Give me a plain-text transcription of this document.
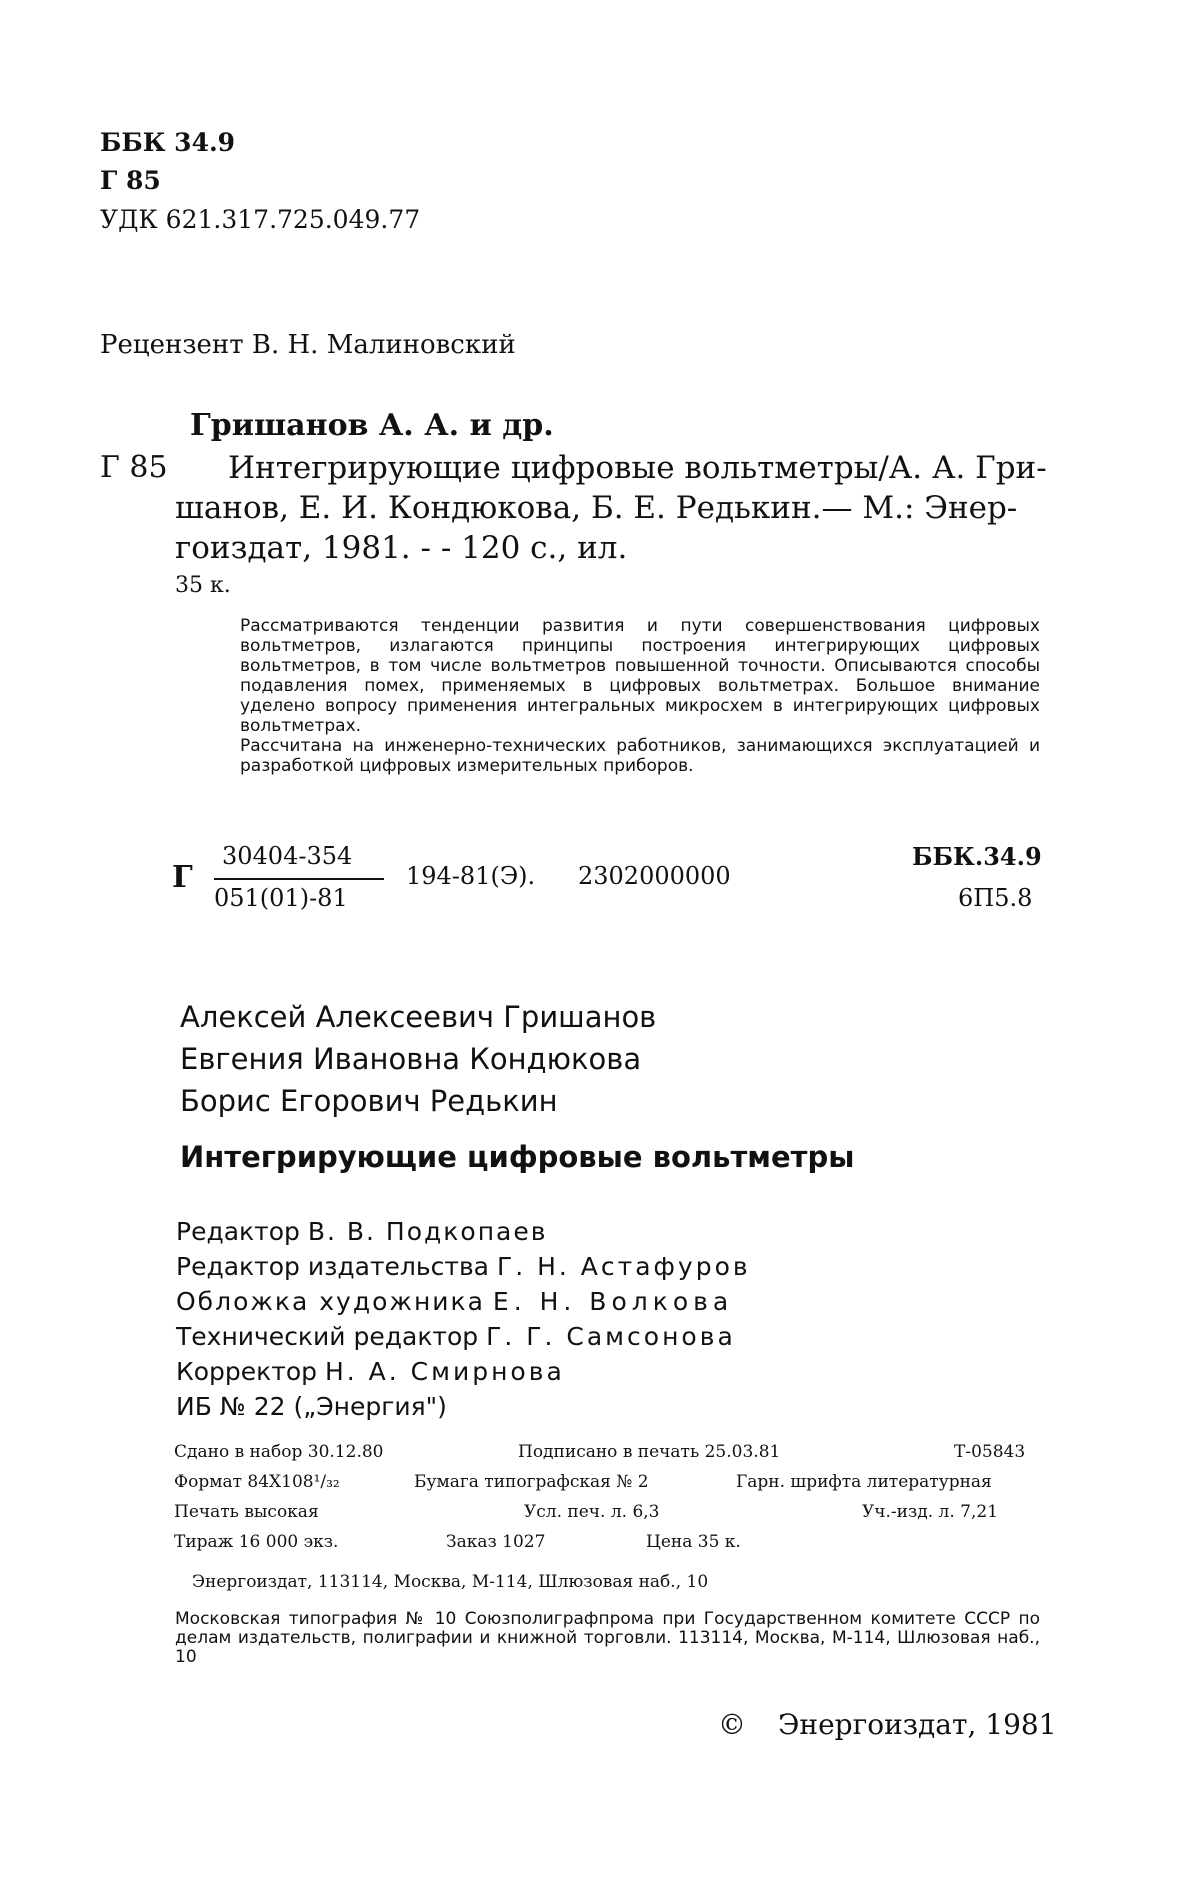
ББК 34.9
Г 85
УДК 621.317.725.049.77
Рецензент В. Н. Малиновский
Гришанов А. А. и др.
Г 85 Интегрирующие цифровые вольтметры/А. А. Гри-
шанов, Е. И. Кондюкова, Б. Е. Редькин.— М.: Энер-
гоиздат, 1981. - - 120 с., ил.
35 к.

Рассматриваются тенденции развития и пути совершенствования цифровых вольтметров, излагаются принципы построения интегрирующих цифровых вольтметров, в том числе вольтметров повышенной точности. Описываются способы подавления помех, применяемых в цифровых вольтметрах. Большое внимание уделено вопросу применения интегральных микросхем в интегрирующих цифровых вольтметрах.

Рассчитана на инженерно-технических работников, занимающихся эксплуатацией и разработкой цифровых измерительных приборов.

Г
30404-354
051(01)-81
194-81(Э). 2302000000
ББК.34.9
6П5.8
Алексей Алексеевич Гришанов
Евгения Ивановна Кондюкова
Борис Егорович Редькин
Интегрирующие цифровые вольтметры
Редактор В. В. Подкопаев
Редактор издательства Г. Н. Астафуров
Обложка художника Е. Н. Волкова
Технический редактор Г. Г. Самсонова
Корректор Н. А. Смирнова
ИБ № 22 („Энергия")
Сдано в набор 30.12.80	Подписано в печать 25.03.81	Т-05843
Формат 84Х108¹/₃₂	Бумага типографская № 2	Гарн. шрифта литературная
Печать высокая	Усл. печ. л. 6,3	Уч.-изд. л. 7,21
Тираж 16 000 экз.	Заказ 1027	Цена 35 к.
Энергоиздат, 113114, Москва, М-114, Шлюзовая наб., 10
Московская типография № 10 Союзполиграфпрома при Государственном комитете СССР по делам издательств, полиграфии и книжной торговли. 113114, Москва, М-114, Шлюзовая наб., 10
© Энергоиздат, 1981
